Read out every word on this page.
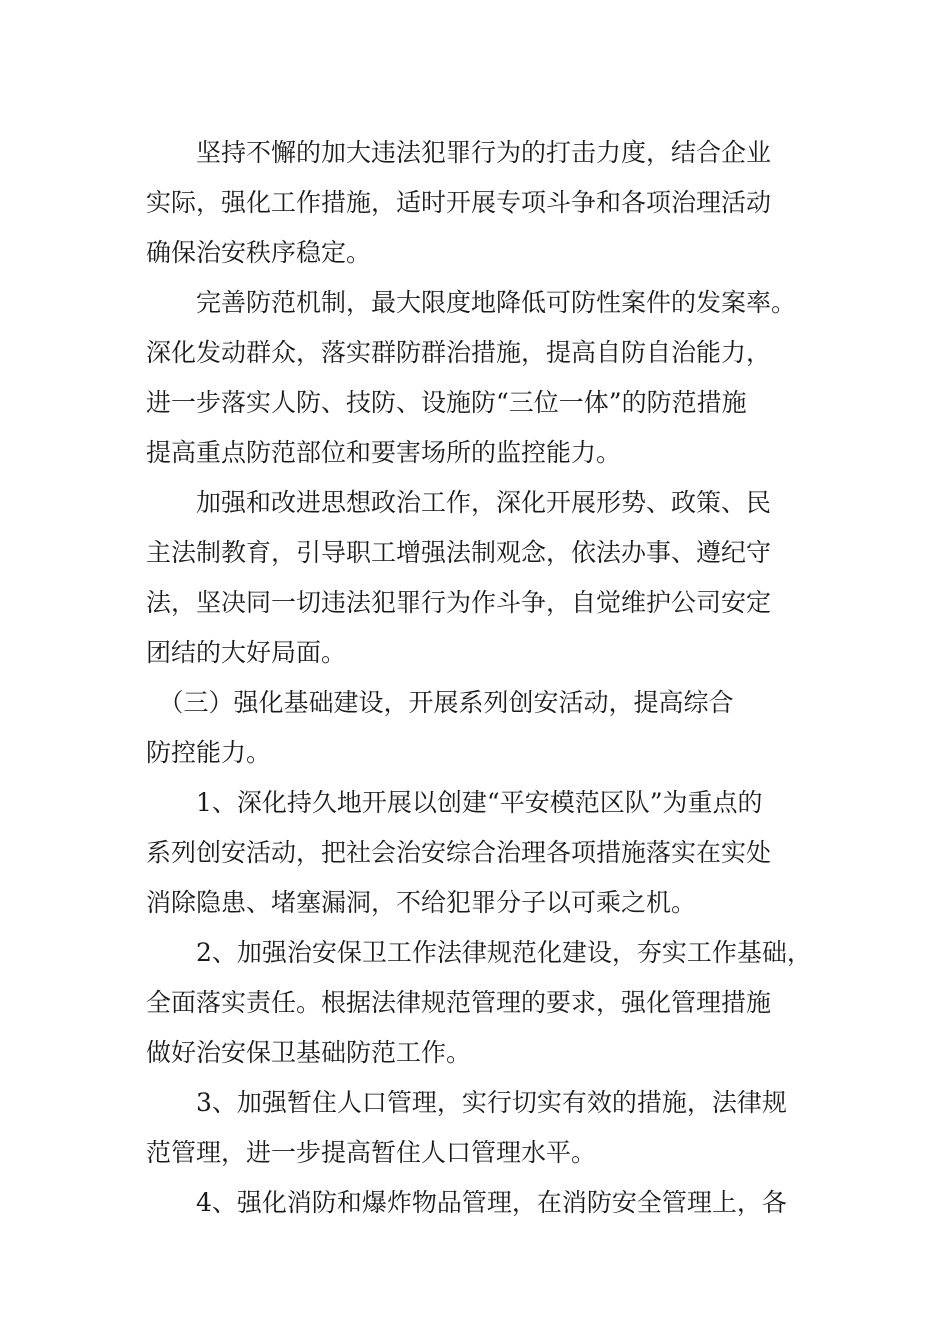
　　坚持不懈的加大违法犯罪行为的打击力度，结合企业
实际，强化工作措施，适时开展专项斗争和各项治理活动
确保治安秩序稳定。

　　完善防范机制，最大限度地降低可防性案件的发案率。
深化发动群众，落实群防群治措施，提高自防自治能力，
进一步落实人防、技防、设施防“三位一体”的防范措施
提高重点防范部位和要害场所的监控能力。

　　加强和改进思想政治工作，深化开展形势、政策、民
主法制教育，引导职工增强法制观念，依法办事、遵纪守
法，坚决同一切违法犯罪行为作斗争，自觉维护公司安定
团结的大好局面。

　（三）强化基础建设，开展系列创安活动，提高综合
防控能力。

　　1、深化持久地开展以创建“平安模范区队”为重点的
系列创安活动，把社会治安综合治理各项措施落实在实处
消除隐患、堵塞漏洞，不给犯罪分子以可乘之机。

　　2、加强治安保卫工作法律规范化建设，夯实工作基础，
全面落实责任。根据法律规范管理的要求，强化管理措施
做好治安保卫基础防范工作。

　　3、加强暂住人口管理，实行切实有效的措施，法律规
范管理，进一步提高暂住人口管理水平。

　　4、强化消防和爆炸物品管理，在消防安全管理上，各
